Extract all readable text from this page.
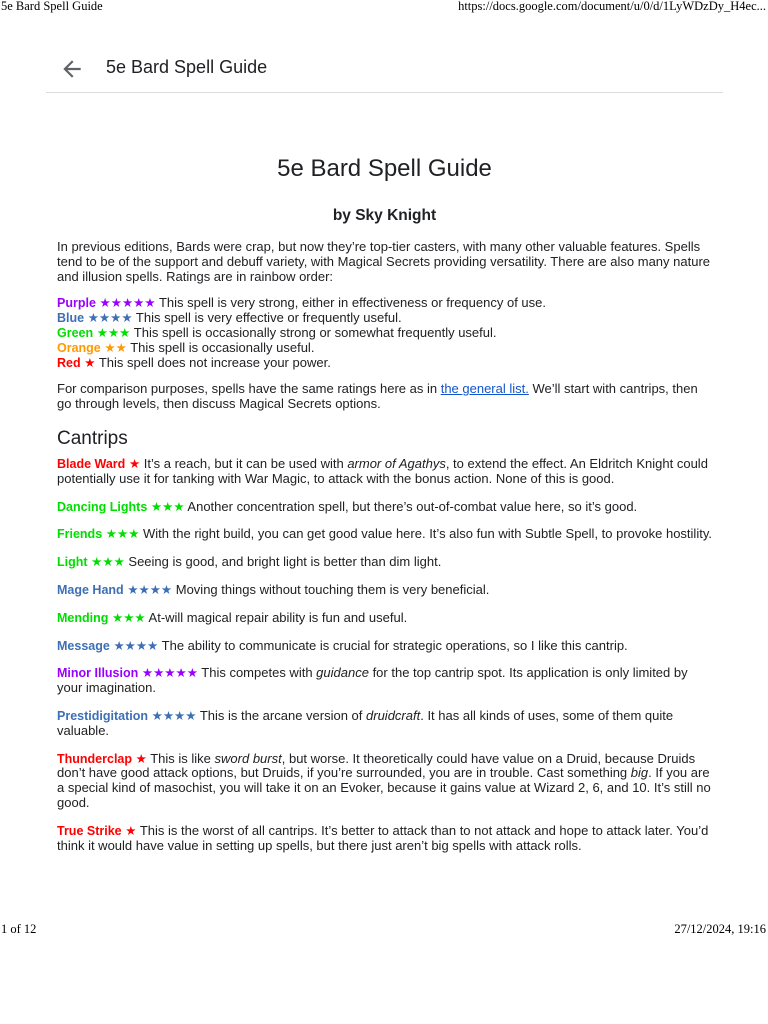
5e Bard Spell Guide	https://docs.google.com/document/u/0/d/1LyWDzDy_H4ec...
5e Bard Spell Guide
5e Bard Spell Guide
by Sky Knight

In previous editions, Bards were crap, but now they’re top-tier casters, with many other valuable features. Spells tend to be of the support and debuff variety, with Magical Secrets providing versatility. There are also many nature and illusion spells. Ratings are in rainbow order:

Purple ★★★★★ This spell is very strong, either in effectiveness or frequency of use.
Blue ★★★★ This spell is very effective or frequently useful.
Green ★★★ This spell is occasionally strong or somewhat frequently useful.
Orange ★★ This spell is occasionally useful.
Red ★ This spell does not increase your power.

For comparison purposes, spells have the same ratings here as in the general list. We’ll start with cantrips, then go through levels, then discuss Magical Secrets options.

Cantrips

Blade Ward ★ It’s a reach, but it can be used with armor of Agathys, to extend the effect. An Eldritch Knight could potentially use it for tanking with War Magic, to attack with the bonus action. None of this is good.

Dancing Lights ★★★ Another concentration spell, but there’s out-of-combat value here, so it’s good.

Friends ★★★ With the right build, you can get good value here. It’s also fun with Subtle Spell, to provoke hostility.

Light ★★★ Seeing is good, and bright light is better than dim light.

Mage Hand ★★★★ Moving things without touching them is very beneficial.

Mending ★★★ At-will magical repair ability is fun and useful.

Message ★★★★ The ability to communicate is crucial for strategic operations, so I like this cantrip.

Minor Illusion ★★★★★ This competes with guidance for the top cantrip spot. Its application is only limited by your imagination.

Prestidigitation ★★★★ This is the arcane version of druidcraft. It has all kinds of uses, some of them quite valuable.

Thunderclap ★ This is like sword burst, but worse. It theoretically could have value on a Druid, because Druids don’t have good attack options, but Druids, if you’re surrounded, you are in trouble. Cast something big. If you are a special kind of masochist, you will take it on an Evoker, because it gains value at Wizard 2, 6, and 10. It’s still no good.

True Strike ★ This is the worst of all cantrips. It’s better to attack than to not attack and hope to attack later. You’d think it would have value in setting up spells, but there just aren’t big spells with attack rolls.

1 of 12	27/12/2024, 19:16
